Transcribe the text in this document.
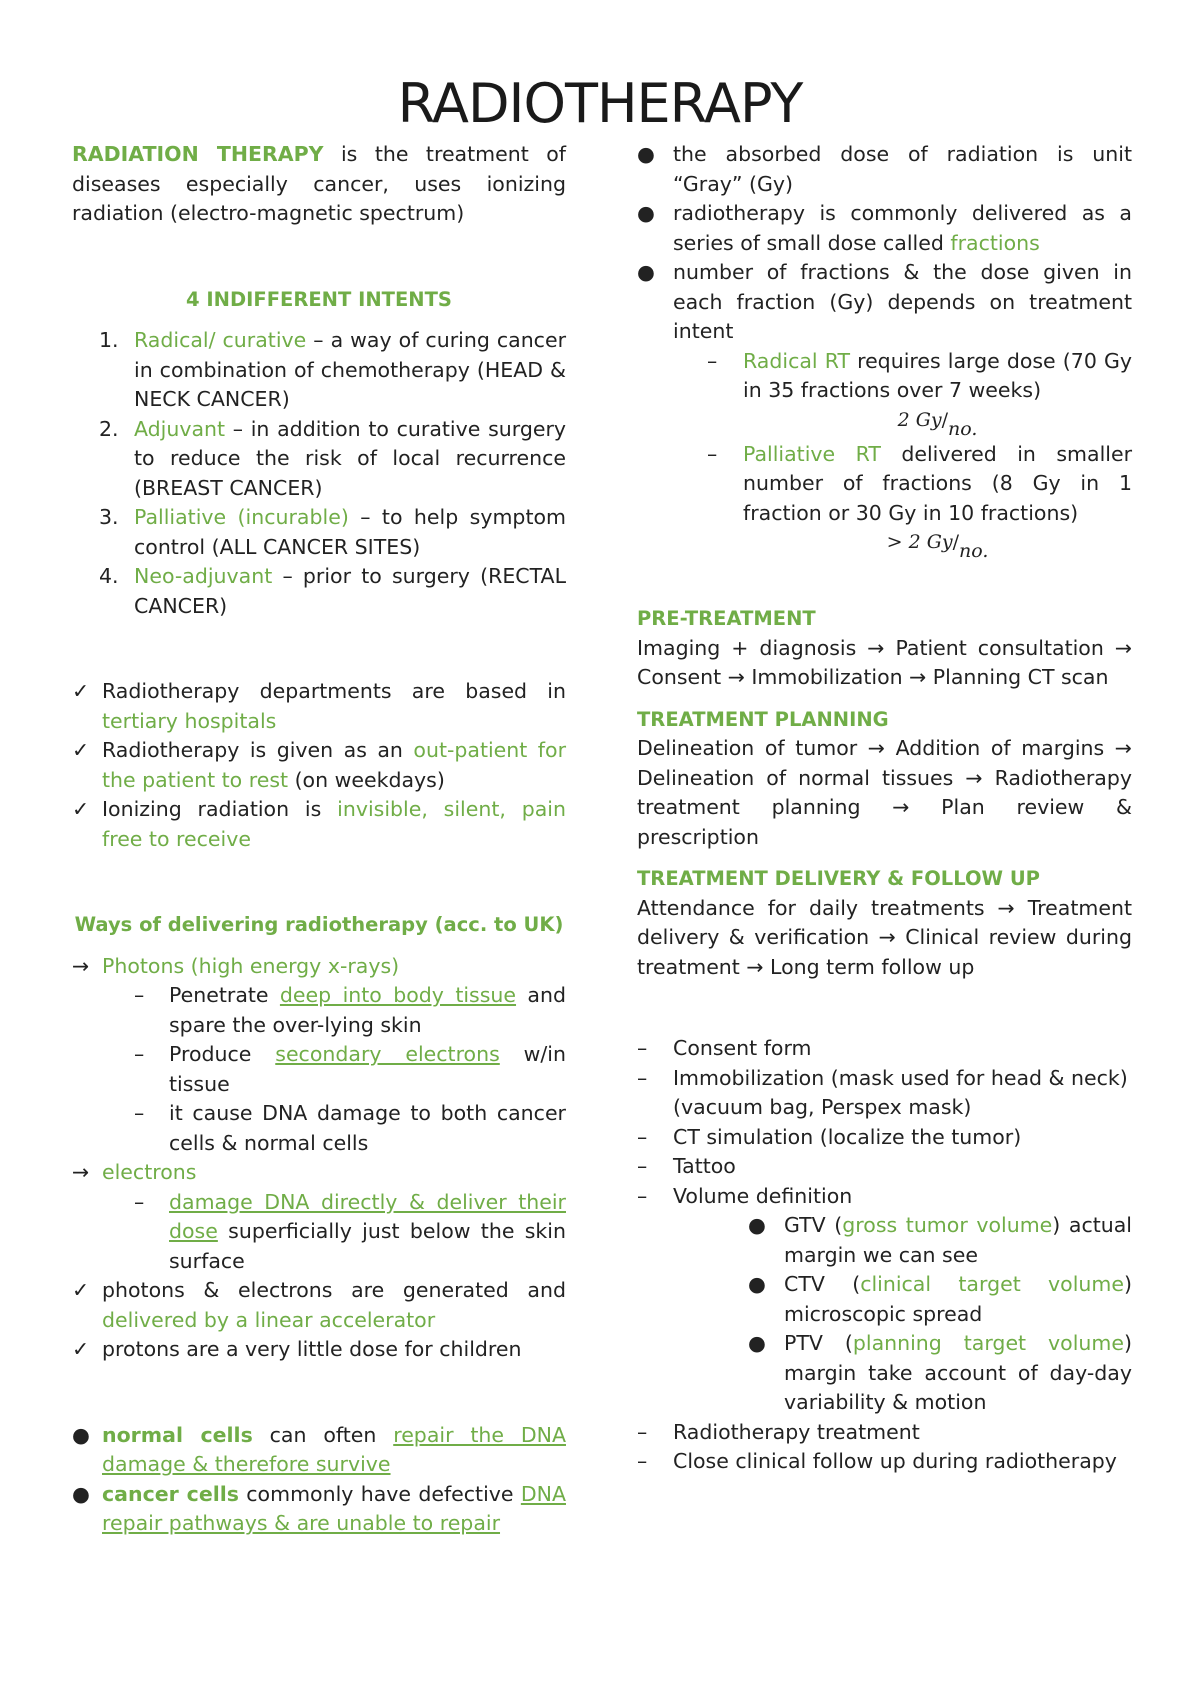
RADIOTHERAPY
RADIATION THERAPY is the treatment of diseases especially cancer, uses ionizing radiation (electro-magnetic spectrum)
4 INDIFFERENT INTENTS
1. Radical/ curative – a way of curing cancer in combination of chemotherapy (HEAD & NECK CANCER)
2. Adjuvant – in addition to curative surgery to reduce the risk of local recurrence (BREAST CANCER)
3. Palliative (incurable) – to help symptom control (ALL CANCER SITES)
4. Neo-adjuvant – prior to surgery (RECTAL CANCER)
✓ Radiotherapy departments are based in tertiary hospitals
✓ Radiotherapy is given as an out-patient for the patient to rest (on weekdays)
✓ Ionizing radiation is invisible, silent, pain free to receive
Ways of delivering radiotherapy (acc. to UK)
→ Photons (high energy x-rays)
–	Penetrate deep into body tissue and spare the over-lying skin
–	Produce secondary electrons w/in tissue
–	it cause DNA damage to both cancer cells & normal cells
→ electrons
–	damage DNA directly & deliver their dose superficially just below the skin surface
✓ photons & electrons are generated and delivered by a linear accelerator
✓ protons are a very little dose for children
● normal cells can often repair the DNA damage & therefore survive
● cancer cells commonly have defective DNA repair pathways & are unable to repair
● the absorbed dose of radiation is unit “Gray” (Gy)
● radiotherapy is commonly delivered as a series of small dose called fractions
● number of fractions & the dose given in each fraction (Gy) depends on treatment intent
–	Radical RT requires large dose (70 Gy in 35 fractions over 7 weeks)
2 Gy/no.
–	Palliative RT delivered in smaller number of fractions (8 Gy in 1 fraction or 30 Gy in 10 fractions)
> 2 Gy/no.
PRE-TREATMENT
Imaging + diagnosis → Patient consultation → Consent → Immobilization → Planning CT scan
TREATMENT PLANNING
Delineation of tumor → Addition of margins → Delineation of normal tissues → Radiotherapy treatment planning → Plan review & prescription
TREATMENT DELIVERY & FOLLOW UP
Attendance for daily treatments → Treatment delivery & verification → Clinical review during treatment → Long term follow up
–	Consent form
–	Immobilization (mask used for head & neck) (vacuum bag, Perspex mask)
–	CT simulation (localize the tumor)
–	Tattoo
–	Volume definition
● GTV (gross tumor volume) actual margin we can see
● CTV (clinical target volume) microscopic spread
● PTV (planning target volume) margin take account of day-day variability & motion
–	Radiotherapy treatment
–	Close clinical follow up during radiotherapy
